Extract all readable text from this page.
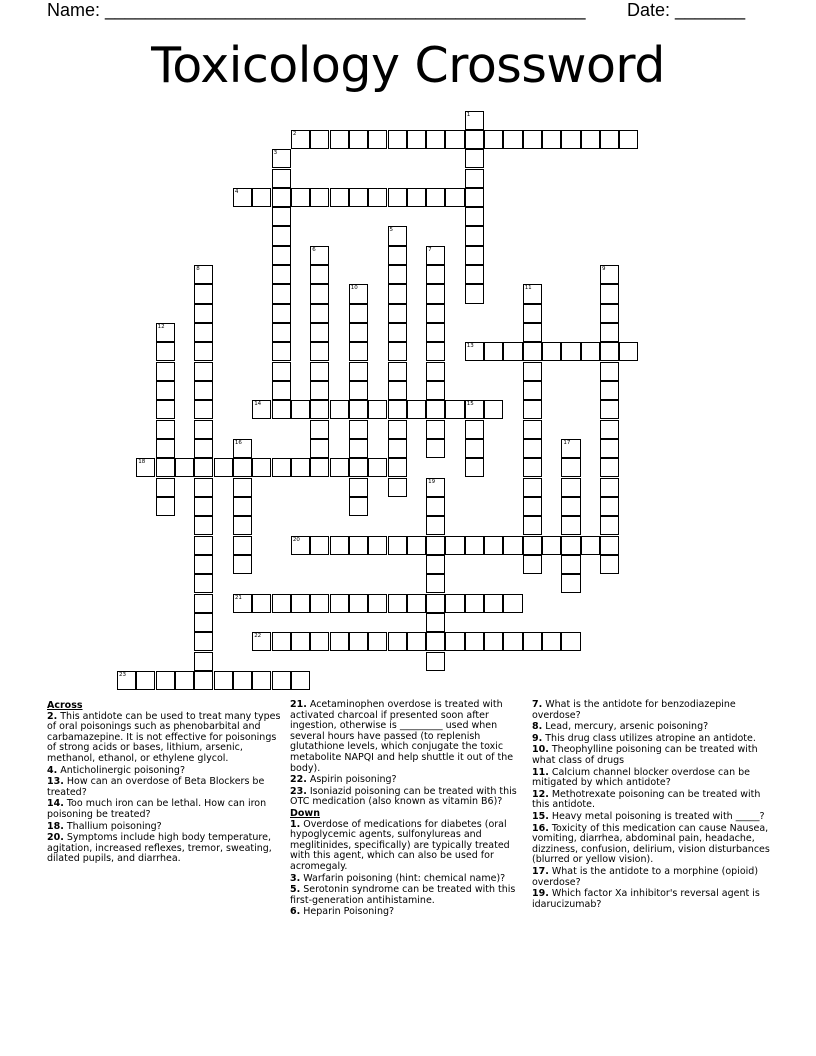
Name: ________________________________________________ Date: _______
Toxicology Crossword
1
2
3
4
5
6	7
8	9
10	11
12
13
14	15
16	17
18
19
20
21
22
23
Across
2. This antidote can be used to treat many types of oral poisonings such as phenobarbital and carbamazepine. It is not effective for poisonings of strong acids or bases, lithium, arsenic, methanol, ethanol, or ethylene glycol.
4. Anticholinergic poisoning?
13. How can an overdose of Beta Blockers be treated?
14. Too much iron can be lethal. How can iron poisoning be treated?
18. Thallium poisoning?
20. Symptoms include high body temperature, agitation, increased reflexes, tremor, sweating, dilated pupils, and diarrhea.
21. Acetaminophen overdose is treated with activated charcoal if presented soon after ingestion, otherwise is _________ used when several hours have passed (to replenish glutathione levels, which conjugate the toxic metabolite NAPQI and help shuttle it out of the body).
22. Aspirin poisoning?
23. Isoniazid poisoning can be treated with this OTC medication (also known as vitamin B6)?
Down
1. Overdose of medications for diabetes (oral hypoglycemic agents, sulfonylureas and meglitinides, specifically) are typically treated with this agent, which can also be used for acromegaly.
3. Warfarin poisoning (hint: chemical name)?
5. Serotonin syndrome can be treated with this first-generation antihistamine.
6. Heparin Poisoning?
7. What is the antidote for benzodiazepine overdose?
8. Lead, mercury, arsenic poisoning?
9. This drug class utilizes atropine an antidote.
10. Theophylline poisoning can be treated with what class of drugs
11. Calcium channel blocker overdose can be mitigated by which antidote?
12. Methotrexate poisoning can be treated with this antidote.
15. Heavy metal poisoning is treated with _____?
16. Toxicity of this medication can cause Nausea, vomiting, diarrhea, abdominal pain, headache, dizziness, confusion, delirium, vision disturbances (blurred or yellow vision).
17. What is the antidote to a morphine (opioid) overdose?
19. Which factor Xa inhibitor's reversal agent is idarucizumab?
